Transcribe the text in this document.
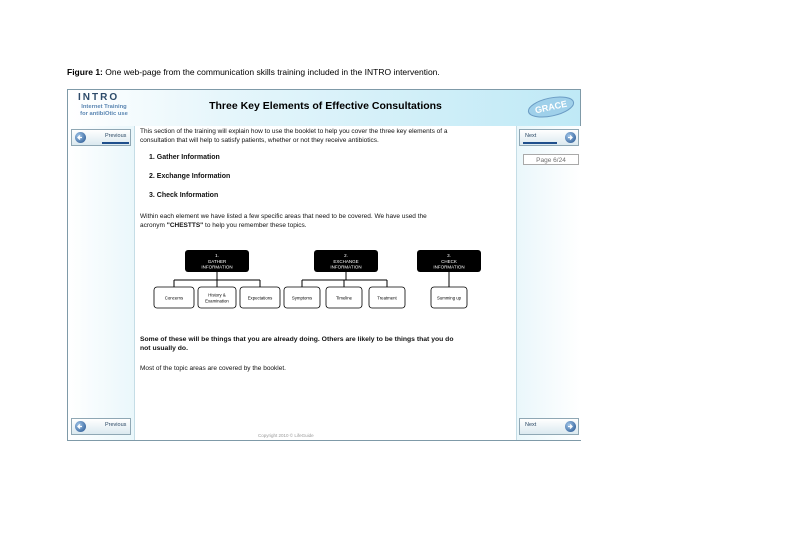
Figure 1: One web-page from the communication skills training included in the INTRO intervention.
INTRO
Internet Training
for antibiOtic use
Three Key Elements of Effective Consultations	GRACE
Previous
Previous
Next
Next
Page 6/24
This section of the training will explain how to use the booklet to help you cover the three key elements of a
consultation that will help to satisfy patients, whether or not they receive antibiotics.
1. Gather Information
2. Exchange Information
3. Check Information
Within each element we have listed a few specific areas that need to be covered. We have used the
acronym "CHESTTS" to help you remember these topics.
1.
GATHER
INFORMATION
Concerns
History &
Examination
Expectations
2.
EXCHANGE
INFORMATION
Symptoms	Timeline	Treatment
3.
CHECK
INFORMATION
Summing up
Some of these will be things that you are already doing. Others are likely to be things that you do
not usually do.
Most of the topic areas are covered by the booklet.
Copyright 2010 © LifeGuide
